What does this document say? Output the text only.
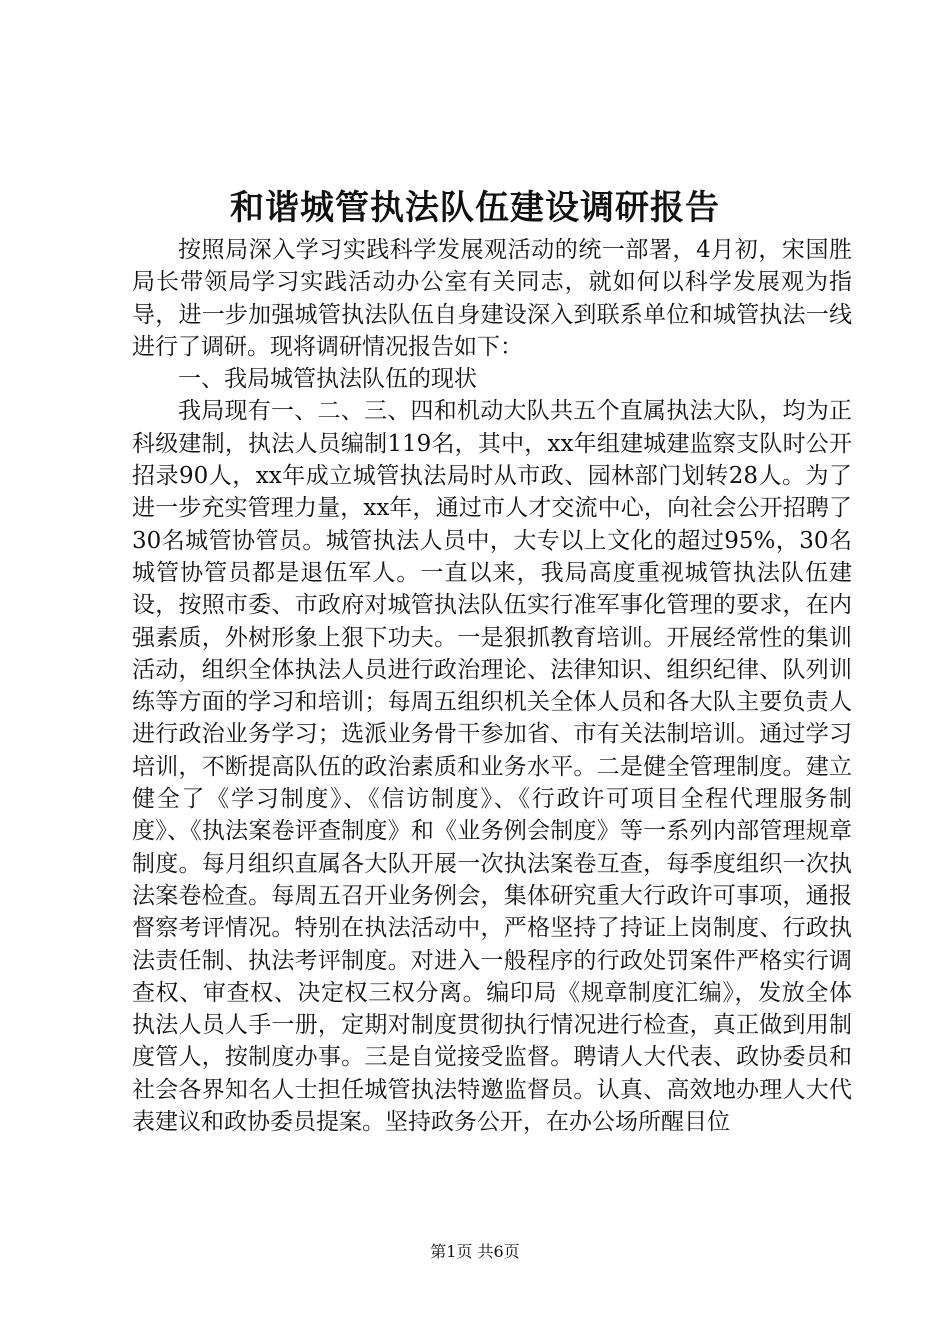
和谐城管执法队伍建设调研报告

按照局深入学习实践科学发展观活动的统一部署，4月初，宋国胜局长带领局学习实践活动办公室有关同志，就如何以科学发展观为指导，进一步加强城管执法队伍自身建设深入到联系单位和城管执法一线进行了调研。现将调研情况报告如下：

一、我局城管执法队伍的现状

我局现有一、二、三、四和机动大队共五个直属执法大队，均为正科级建制，执法人员编制119名，其中，xx年组建城建监察支队时公开招录90人，xx年成立城管执法局时从市政、园林部门划转28人。为了进一步充实管理力量，xx年，通过市人才交流中心，向社会公开招聘了30名城管协管员。城管执法人员中，大专以上文化的超过95%，30名城管协管员都是退伍军人。一直以来，我局高度重视城管执法队伍建设，按照市委、市政府对城管执法队伍实行准军事化管理的要求，在内强素质，外树形象上狠下功夫。一是狠抓教育培训。开展经常性的集训活动，组织全体执法人员进行政治理论、法律知识、组织纪律、队列训练等方面的学习和培训；每周五组织机关全体人员和各大队主要负责人进行政治业务学习；选派业务骨干参加省、市有关法制培训。通过学习培训，不断提高队伍的政治素质和业务水平。二是健全管理制度。建立健全了《学习制度》、《信访制度》、《行政许可项目全程代理服务制度》、《执法案卷评查制度》和《业务例会制度》等一系列内部管理规章制度。每月组织直属各大队开展一次执法案卷互查，每季度组织一次执法案卷检查。每周五召开业务例会，集体研究重大行政许可事项，通报督察考评情况。特别在执法活动中，严格坚持了持证上岗制度、行政执法责任制、执法考评制度。对进入一般程序的行政处罚案件严格实行调查权、审查权、决定权三权分离。编印局《规章制度汇编》，发放全体执法人员人手一册，定期对制度贯彻执行情况进行检查，真正做到用制度管人，按制度办事。三是自觉接受监督。聘请人大代表、政协委员和社会各界知名人士担任城管执法特邀监督员。认真、高效地办理人大代表建议和政协委员提案。坚持政务公开，在办公场所醒目位

第1页 共6页
